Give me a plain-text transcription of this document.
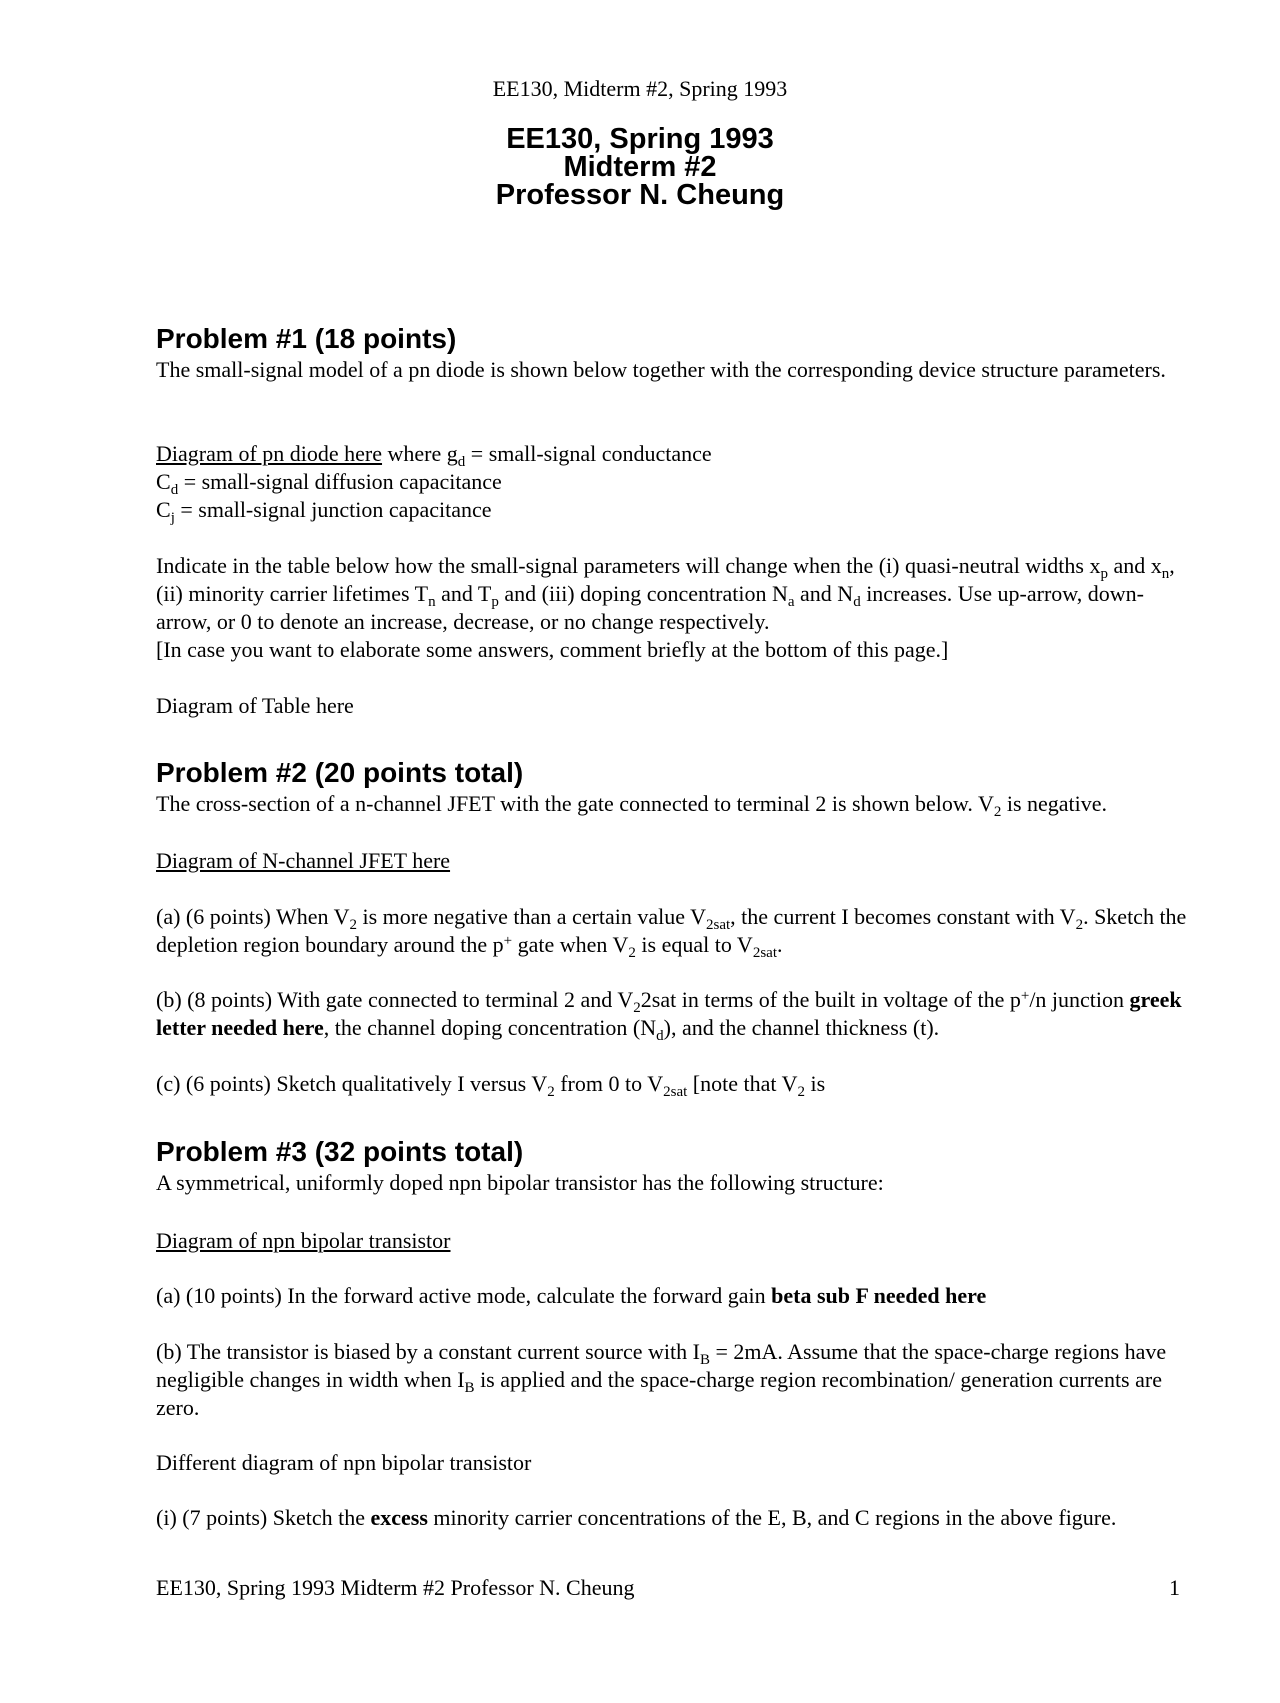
EE130, Midterm #2, Spring 1993
EE130, Spring 1993
Midterm #2
Professor N. Cheung
Problem #1 (18 points)

The small-signal model of a pn diode is shown below together with the corresponding device structure parameters.

Diagram of pn diode here where $g_d$ = small-signal conductance

$C_d$ = small-signal diffusion capacitance

$C_j$ = small-signal junction capacitance

Indicate in the table below how the small-signal parameters will change when the (i) quasi-neutral widths $x_p$ and $x_n$, (ii) minority carrier lifetimes $T_n$ and $T_p$ and (iii) doping concentration $N_a$ and $N_d$ increases. Use up-arrow, down-arrow, or 0 to denote an increase, decrease, or no change respectively.

[In case you want to elaborate some answers, comment briefly at the bottom of this page.]

Diagram of Table here
Problem #2 (20 points total)

The cross-section of a n-channel JFET with the gate connected to terminal 2 is shown below. $V_2$ is negative.

Diagram of N-channel JFET here

(a) (6 points) When $V_2$ is more negative than a certain value $V_{2sat}$, the current I becomes constant with $V_2$. Sketch the depletion region boundary around the p+ gate when $V_2$ is equal to $V_{2sat}$.

(b) (8 points) With gate connected to terminal 2 and $V_22sat$ in terms of the built in voltage of the p+/n junction greek letter needed here, the channel doping concentration $(N_d)$, and the channel thickness (t).

(c) (6 points) Sketch qualitatively I versus $V_2$ from 0 to $V_{2sat}$ [note that $V_2$ is

Problem #3 (32 points total)

A symmetrical, uniformly doped npn bipolar transistor has the following structure:

Diagram of npn bipolar transistor

(a) (10 points) In the forward active mode, calculate the forward gain beta sub F needed here

(b) The transistor is biased by a constant current source with $I_B = 2mA$. Assume that the space-charge regions have negligible changes in width when $I_B$ is applied and the space-charge region recombination/ generation currents are zero.

Different diagram of npn bipolar transistor

(i) (7 points) Sketch the excess minority carrier concentrations of the E, B, and C regions in the above figure.

EE130, Spring 1993 Midterm #2 Professor N. Cheung	1
